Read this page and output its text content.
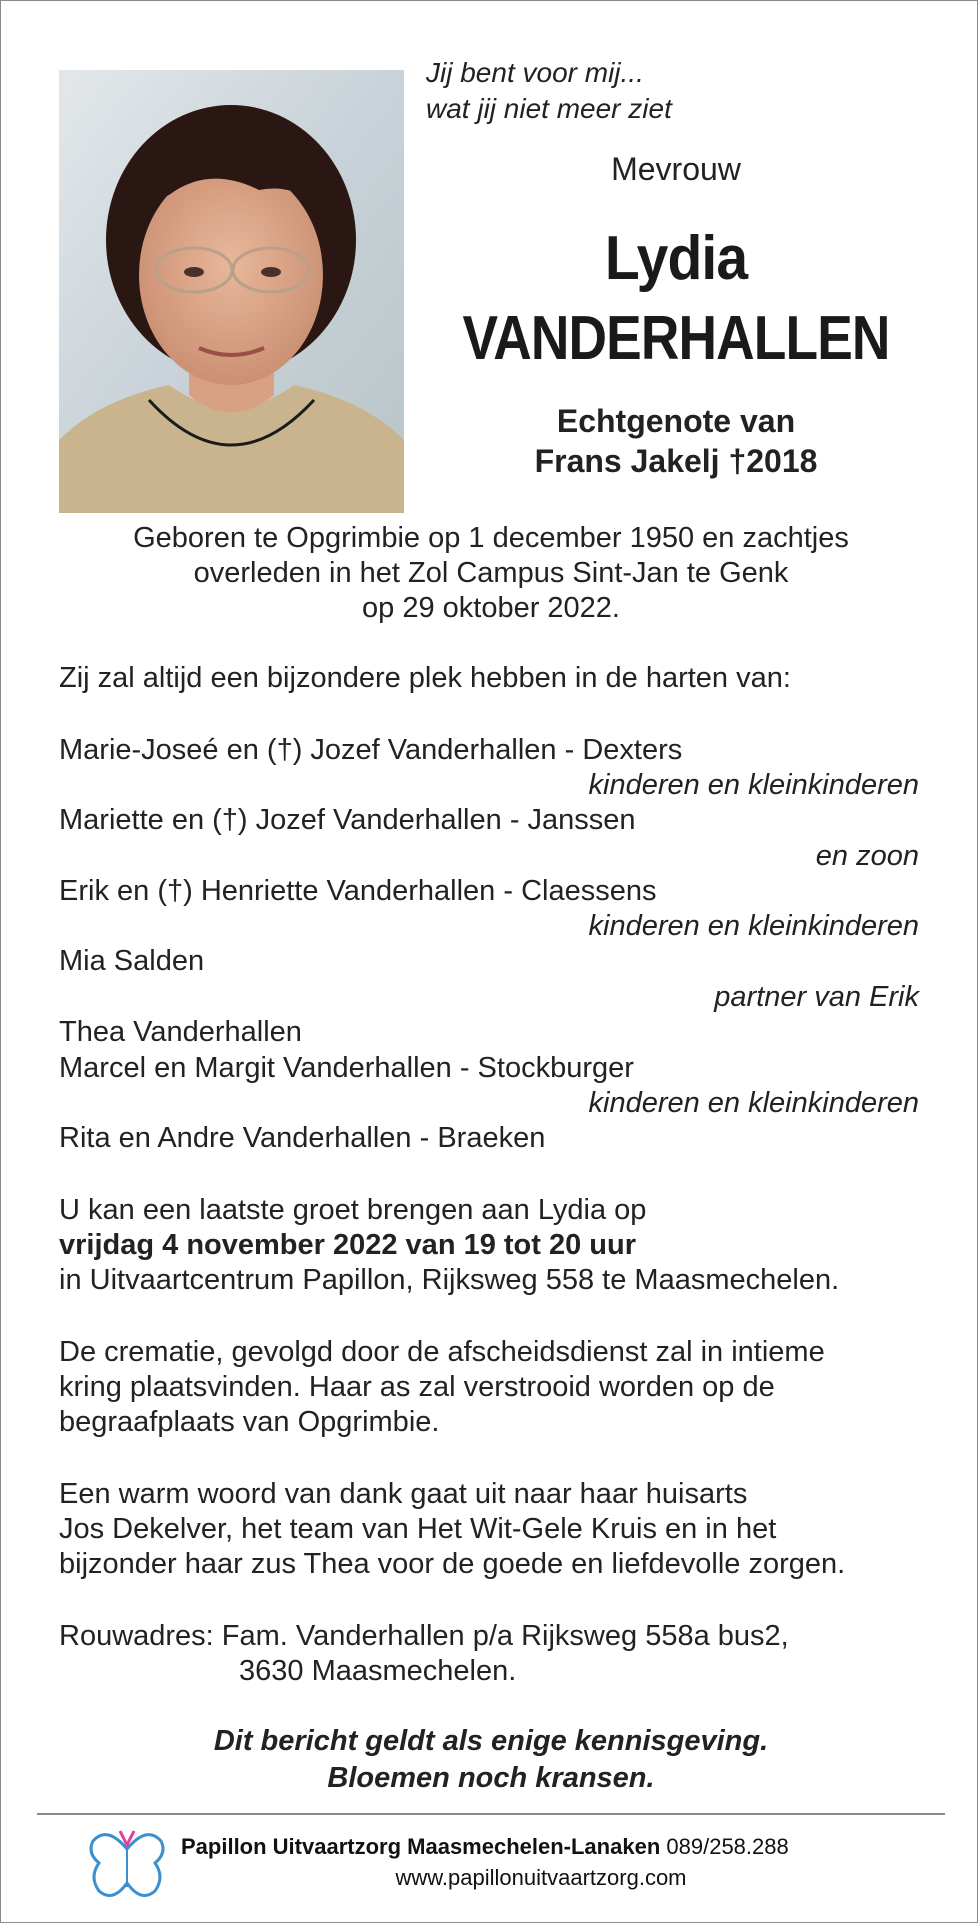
Jij bent voor mij...
wat jij niet meer ziet
Mevrouw
Lydia
VANDERHALLEN
Echtgenote van
Frans Jakelj †2018
Geboren te Opgrimbie op 1 december 1950 en zachtjes
overleden in het Zol Campus Sint-Jan te Genk
op 29 oktober 2022.
Zij zal altijd een bijzondere plek hebben in de harten van:
Marie-Joseé en (†) Jozef Vanderhallen - Dexters
kinderen en kleinkinderen
Mariette en (†) Jozef Vanderhallen - Janssen
en zoon
Erik en (†) Henriette Vanderhallen - Claessens
kinderen en kleinkinderen
Mia Salden
partner van Erik
Thea Vanderhallen
Marcel en Margit Vanderhallen - Stockburger
kinderen en kleinkinderen
Rita en Andre Vanderhallen - Braeken
U kan een laatste groet brengen aan Lydia op
vrijdag 4 november 2022 van 19 tot 20 uur
in Uitvaartcentrum Papillon, Rijksweg 558 te Maasmechelen.
De crematie, gevolgd door de afscheidsdienst zal in intieme
kring plaatsvinden. Haar as zal verstrooid worden op de
begraafplaats van Opgrimbie.
Een warm woord van dank gaat uit naar haar huisarts
Jos Dekelver, het team van Het Wit-Gele Kruis en in het
bijzonder haar zus Thea voor de goede en liefdevolle zorgen.
Rouwadres: Fam. Vanderhallen p/a Rijksweg 558a bus2,
3630 Maasmechelen.
Dit bericht geldt als enige kennisgeving.
Bloemen noch kransen.
Papillon Uitvaartzorg Maasmechelen-Lanaken 089/258.288
www.papillonuitvaartzorg.com
